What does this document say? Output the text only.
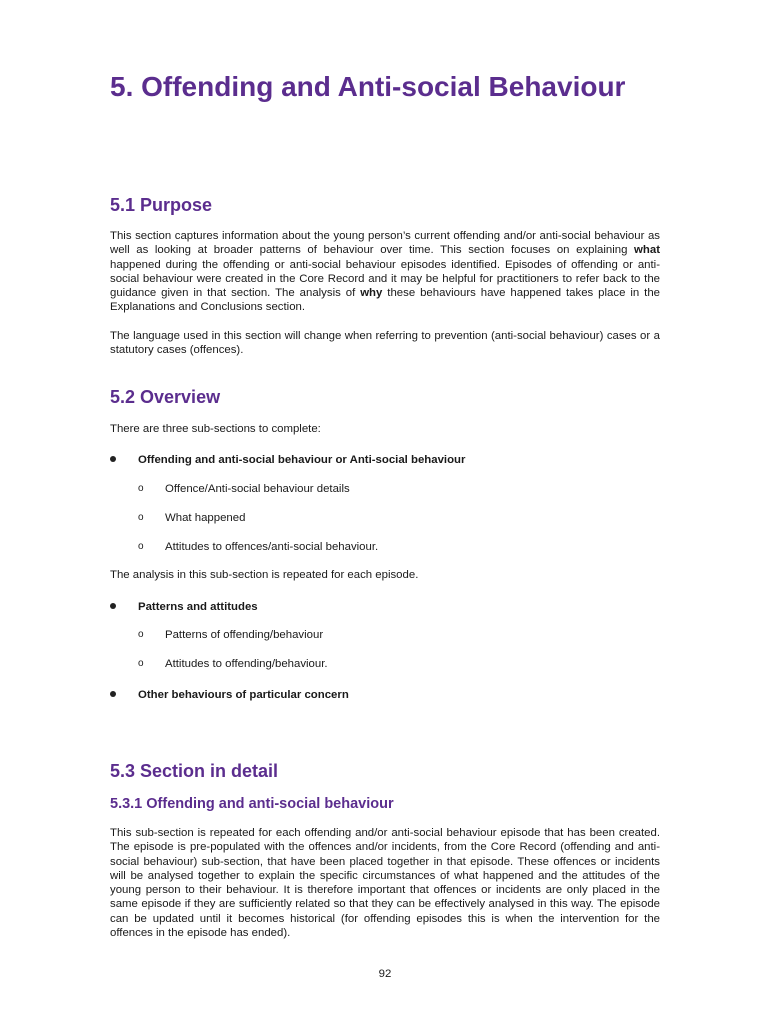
5. Offending and Anti-social Behaviour
5.1 Purpose

This section captures information about the young person’s current offending and/or anti-social behaviour as well as looking at broader patterns of behaviour over time. This section focuses on explaining what happened during the offending or anti-social behaviour episodes identified. Episodes of offending or anti-social behaviour were created in the Core Record and it may be helpful for practitioners to refer back to the guidance given in that section. The analysis of why these behaviours have happened takes place in the Explanations and Conclusions section.

The language used in this section will change when referring to prevention (anti-social behaviour) cases or a statutory cases (offences).

5.2 Overview

There are three sub-sections to complete:

Offending and anti-social behaviour or Anti-social behaviour
o Offence/Anti-social behaviour details
o What happened
o Attitudes to offences/anti-social behaviour.

The analysis in this sub-section is repeated for each episode.

Patterns and attitudes
o Patterns of offending/behaviour
o Attitudes to offending/behaviour.
Other behaviours of particular concern
5.3 Section in detail
5.3.1 Offending and anti-social behaviour

This sub-section is repeated for each offending and/or anti-social behaviour episode that has been created. The episode is pre-populated with the offences and/or incidents, from the Core Record (offending and anti-social behaviour) sub-section, that have been placed together in that episode. These offences or incidents will be analysed together to explain the specific circumstances of what happened and the attitudes of the young person to their behaviour. It is therefore important that offences or incidents are only placed in the same episode if they are sufficiently related so that they can be effectively analysed in this way. The episode can be updated until it becomes historical (for offending episodes this is when the intervention for the offences in the episode has ended).

92
